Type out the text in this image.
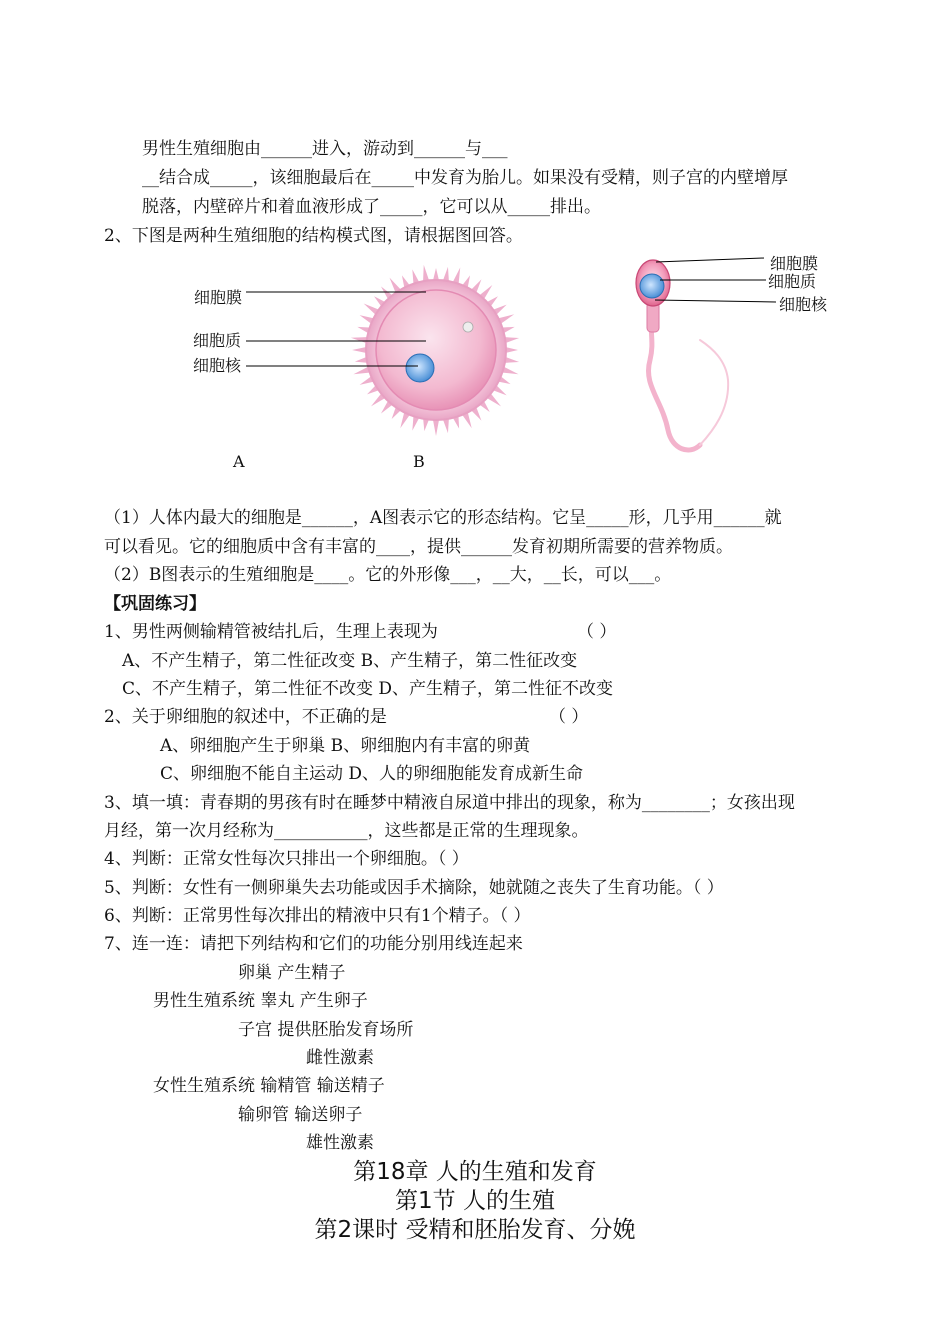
男性生殖细胞由______进入，游动到______与___
__结合成_____，该细胞最后在_____中发育为胎儿。如果没有受精，则子宫的内壁增厚
脱落，内壁碎片和着血液形成了_____，它可以从_____排出。
2、下图是两种生殖细胞的结构模式图，请根据图回答。
细胞膜
细胞质
细胞核
细胞膜
细胞质
细胞核
A	B
（1）人体内最大的细胞是______，A图表示它的形态结构。它呈_____形，几乎用______就
可以看见。它的细胞质中含有丰富的____，提供______发育初期所需要的营养物质。
（2）B图表示的生殖细胞是____。它的外形像___，__大，__长，可以___。
【巩固练习】
1、男性两侧输精管被结扎后，生理上表现为	（ ）
A、不产生精子，第二性征改变 B、产生精子，第二性征改变
C、不产生精子，第二性征不改变 D、产生精子，第二性征不改变
2、关于卵细胞的叙述中，不正确的是	（ ）
A、卵细胞产生于卵巢 B、卵细胞内有丰富的卵黄
C、卵细胞不能自主运动 D、人的卵细胞能发育成新生命
3、填一填：青春期的男孩有时在睡梦中精液自尿道中排出的现象，称为________；女孩出现
月经，第一次月经称为___________，这些都是正常的生理现象。
4、判断：正常女性每次只排出一个卵细胞。（ ）
5、判断：女性有一侧卵巢失去功能或因手术摘除，她就随之丧失了生育功能。（ ）
6、判断：正常男性每次排出的精液中只有1个精子。（ ）
7、连一连：请把下列结构和它们的功能分别用线连起来
卵巢 产生精子
男性生殖系统 睾丸 产生卵子
子宫 提供胚胎发育场所
雌性激素
女性生殖系统 输精管 输送精子
输卵管 输送卵子
雄性激素
第18章 人的生殖和发育
第1节 人的生殖
第2课时 受精和胚胎发育、分娩
